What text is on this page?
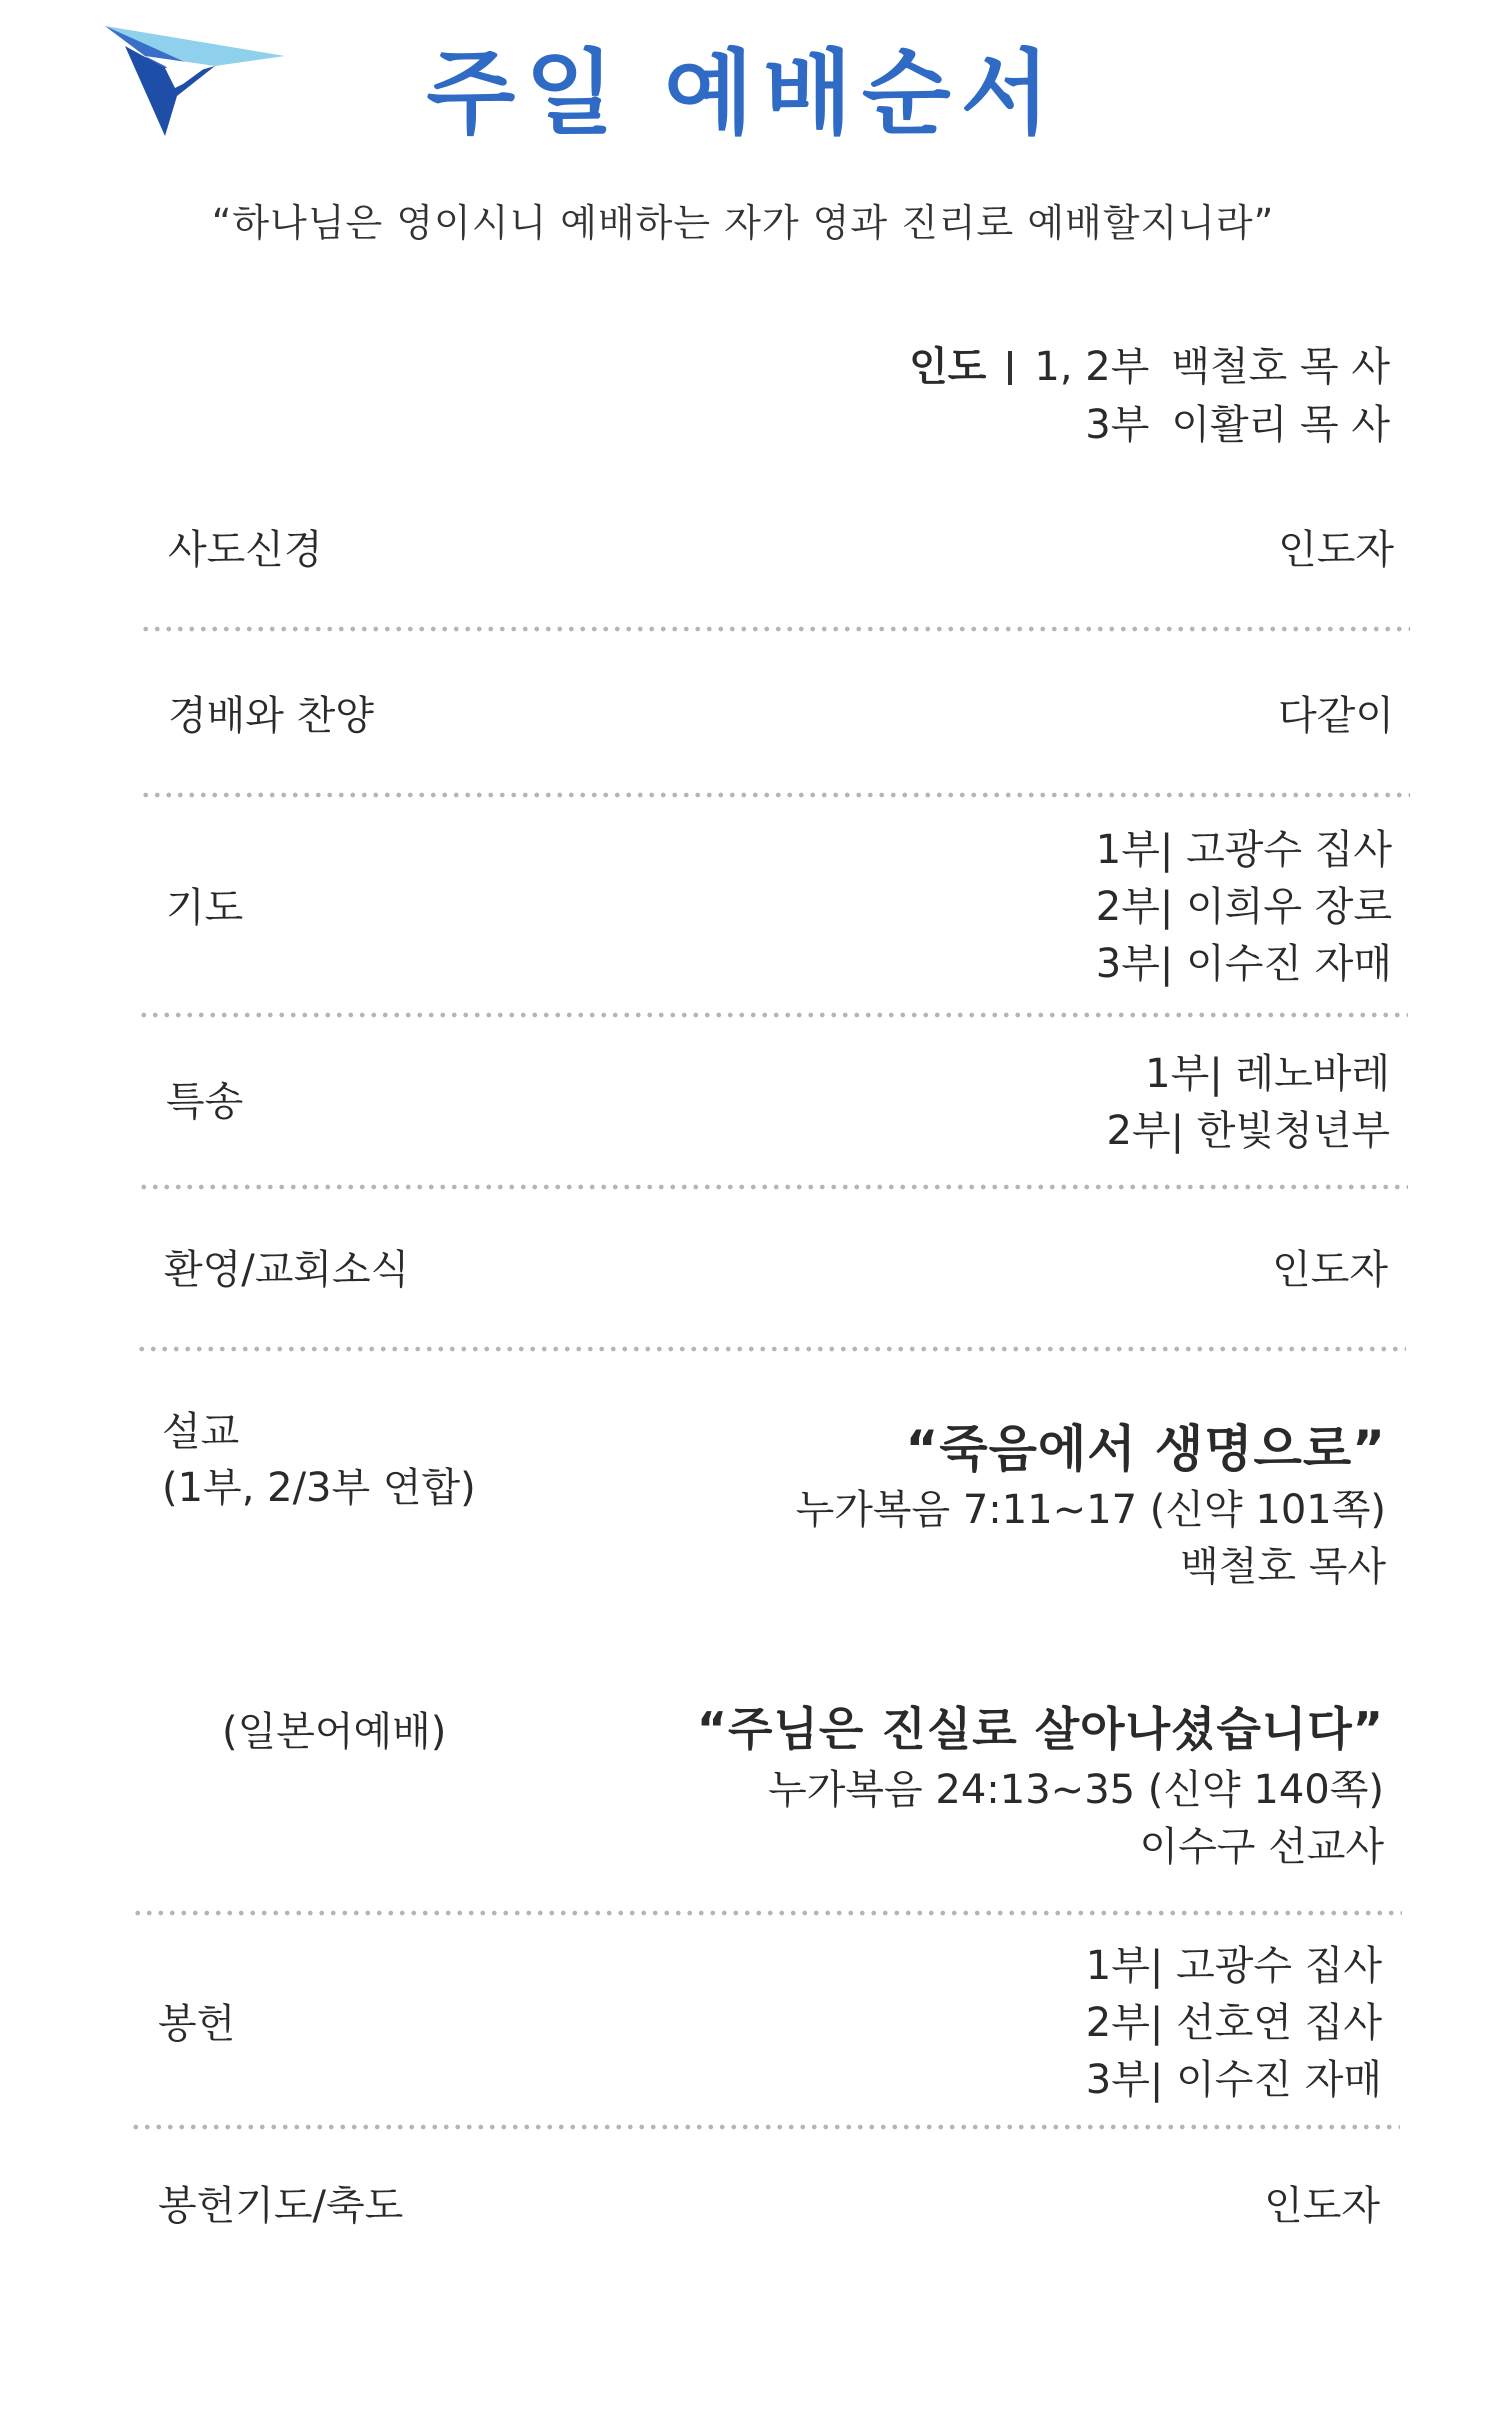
주일 예배순서
“하나님은 영이시니 예배하는 자가 영과 진리로 예배할지니라”
인도 1, 2부 백철호 목 사
3부 이활리 목 사
사도신경	인도자
경배와 찬양	다같이
기도
1부| 고광수 집사
2부| 이희우 장로
3부| 이수진 자매
특송
1부| 레노바레
2부| 한빛청년부
환영/교회소식	인도자
설교
(1부, 2/3부 연합)
“죽음에서 생명으로”
누가복음 7:11~17 (신약 101쪽)
백철호 목사
(일본어예배)	“주님은 진실로 살아나셨습니다”
누가복음 24:13~35 (신약 140쪽)
이수구 선교사
봉헌
1부| 고광수 집사
2부| 선호연 집사
3부| 이수진 자매
봉헌기도/축도	인도자
